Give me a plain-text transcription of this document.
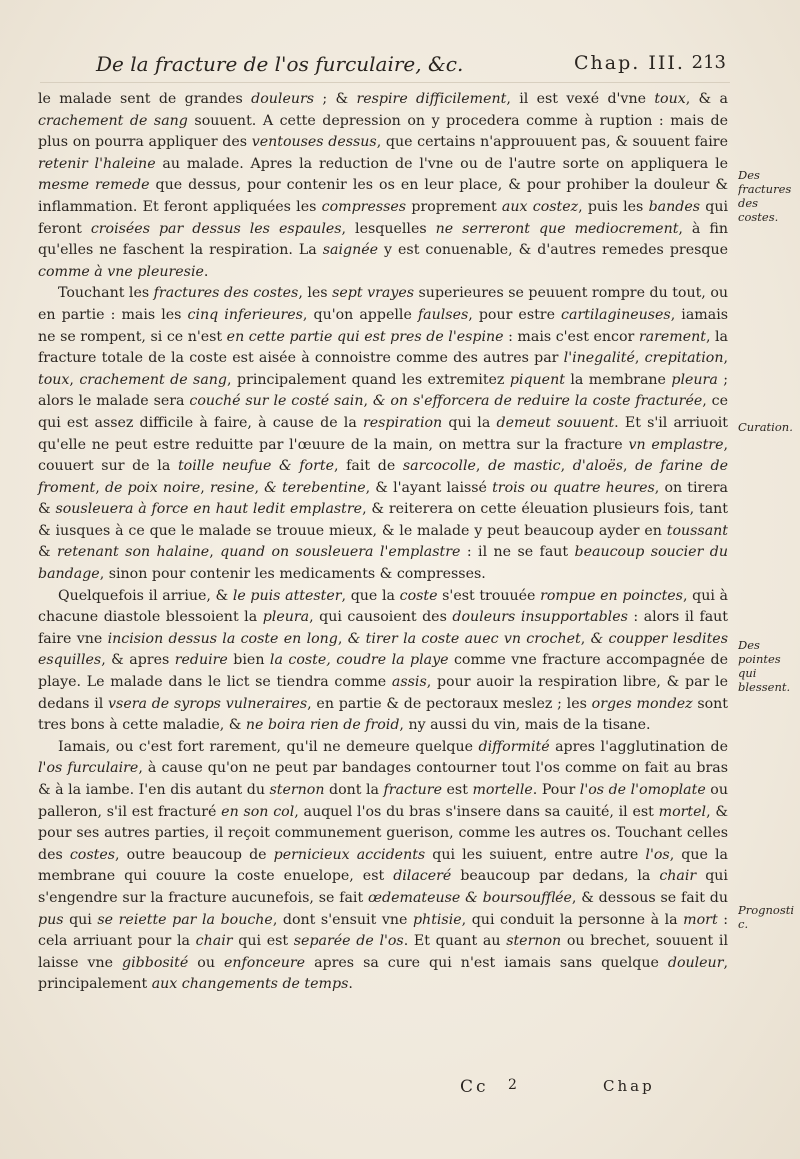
De la fracture de l'os furculaire, &c.	Chap. III. 213

le malade sent de grandes douleurs ; & respire difficilement, il est vexé d'vne toux, & a crachement de sang souuent. A cette depression on y procedera comme à ruption : mais de plus on pourra appliquer des ventouses dessus, que certains n'approuuent pas, & souuent faire retenir l'haleine au malade. Apres la reduction de l'vne ou de l'autre sorte on appliquera le mesme remede que dessus, pour contenir les os en leur place, & pour prohiber la douleur & inflammation. Et feront appliquées les compresses proprement aux costez, puis les bandes qui feront croisées par dessus les espaules, lesquelles ne serreront que mediocrement, à fin qu'elles ne faschent la respiration. La saignée y est conuenable, & d'autres remedes presque comme à vne pleuresie.

Touchant les fractures des costes, les sept vrayes superieures se peuuent rompre du tout, ou en partie : mais les cinq inferieures, qu'on appelle faulses, pour estre cartilagineuses, iamais ne se rompent, si ce n'est en cette partie qui est pres de l'espine : mais c'est encor rarement, la fracture totale de la coste est aisée à connoistre comme des autres par l'inegalité, crepitation, toux, crachement de sang, principalement quand les extremitez piquent la membrane pleura ; alors le malade sera couché sur le costé sain, & on s'efforcera de reduire la coste fracturée, ce qui est assez difficile à faire, à cause de la respiration qui la demeut souuent. Et s'il arriuoit qu'elle ne peut estre reduitte par l'œuure de la main, on mettra sur la fracture vn emplastre, couuert sur de la toille neufue & forte, fait de sarcocolle, de mastic, d'aloës, de farine de froment, de poix noire, resine, & terebentine, & l'ayant laissé trois ou quatre heures, on tirera & sousleuera à force en haut ledit emplastre, & reiterera on cette éleuation plusieurs fois, tant & iusques à ce que le malade se trouue mieux, & le malade y peut beaucoup ayder en toussant & retenant son halaine, quand on sousleuera l'emplastre : il ne se faut beaucoup soucier du bandage, sinon pour contenir les medicaments & compresses.

Quelquefois il arriue, & le puis attester, que la coste s'est trouuée rompue en poinctes, qui à chacune diastole blessoient la pleura, qui causoient des douleurs insupportables : alors il faut faire vne incision dessus la coste en long, & tirer la coste auec vn crochet, & coupper lesdites esquilles, & apres reduire bien la coste, coudre la playe comme vne fracture accompagnée de playe. Le malade dans le lict se tiendra comme assis, pour auoir la respiration libre, & par le dedans il vsera de syrops vulneraires, en partie & de pectoraux meslez ; les orges mondez sont tres bons à cette maladie, & ne boira rien de froid, ny aussi du vin, mais de la tisane.

Iamais, ou c'est fort rarement, qu'il ne demeure quelque difformité apres l'agglutination de l'os furculaire, à cause qu'on ne peut par bandages contourner tout l'os comme on fait au bras & à la iambe. I'en dis autant du sternon dont la fracture est mortelle. Pour l'os de l'omoplate ou palleron, s'il est fracturé en son col, auquel l'os du bras s'insere dans sa cauité, il est mortel, & pour ses autres parties, il reçoit communement guerison, comme les autres os. Touchant celles des costes, outre beaucoup de pernicieux accidents qui les suiuent, entre autre l'os, que la membrane qui couure la coste enuelope, est dilaceré beaucoup par dedans, la chair qui s'engendre sur la fracture aucunefois, se fait œdemateuse & boursoufflée, & dessous se fait du pus qui se reiette par la bouche, dont s'ensuit vne phtisie, qui conduit la personne à la mort : cela arriuant pour la chair qui est separée de l'os. Et quant au sternon ou brechet, souuent il laisse vne gibbosité ou enfonceure apres sa cure qui n'est iamais sans quelque douleur, principalement aux changements de temps.

Des fractures des costes.
Curation.
Des pointes qui blessent.
Prognostic.
Cc 2	Chap
